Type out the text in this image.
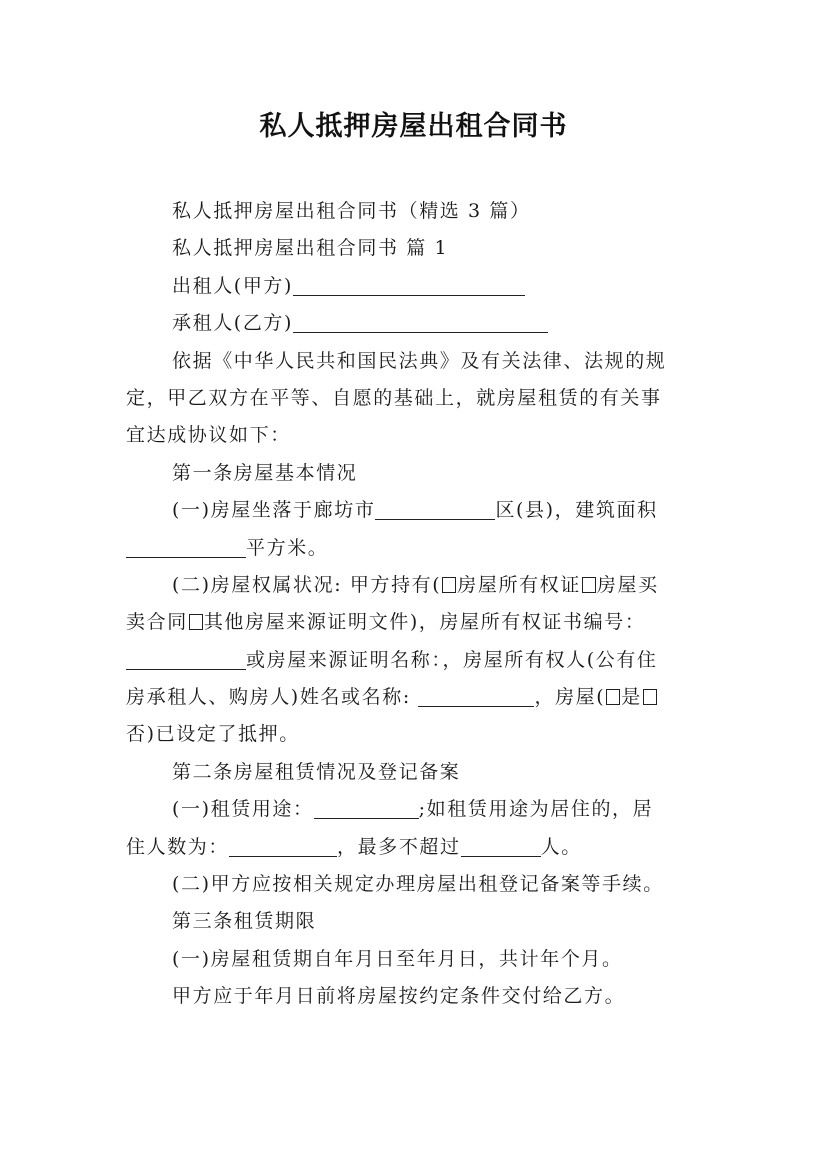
私人抵押房屋出租合同书
私人抵押房屋出租合同书（精选 3 篇）
私人抵押房屋出租合同书 篇 1
出租人(甲方)
承租人(乙方)
依据《中华人民共和国民法典》及有关法律、法规的规
定，甲乙双方在平等、自愿的基础上，就房屋租赁的有关事
宜达成协议如下：
第一条房屋基本情况
(一)房屋坐落于廊坊市	区(县)，建筑面积
平方米。
(二)房屋权属状况: 甲方持有( 房屋所有权证 房屋买
卖合同 其他房屋来源证明文件)，房屋所有权证书编号：
或房屋来源证明名称：，房屋所有权人(公有住
房承租人、购房人)姓名或名称:	，房屋( 是
否)已设定了抵押。
第二条房屋租赁情况及登记备案
(一)租赁用途：	;如租赁用途为居住的，居
住人数为：	，最多不超过	人。
(二)甲方应按相关规定办理房屋出租登记备案等手续。
第三条租赁期限
(一)房屋租赁期自年月日至年月日，共计年个月。
甲方应于年月日前将房屋按约定条件交付给乙方。
